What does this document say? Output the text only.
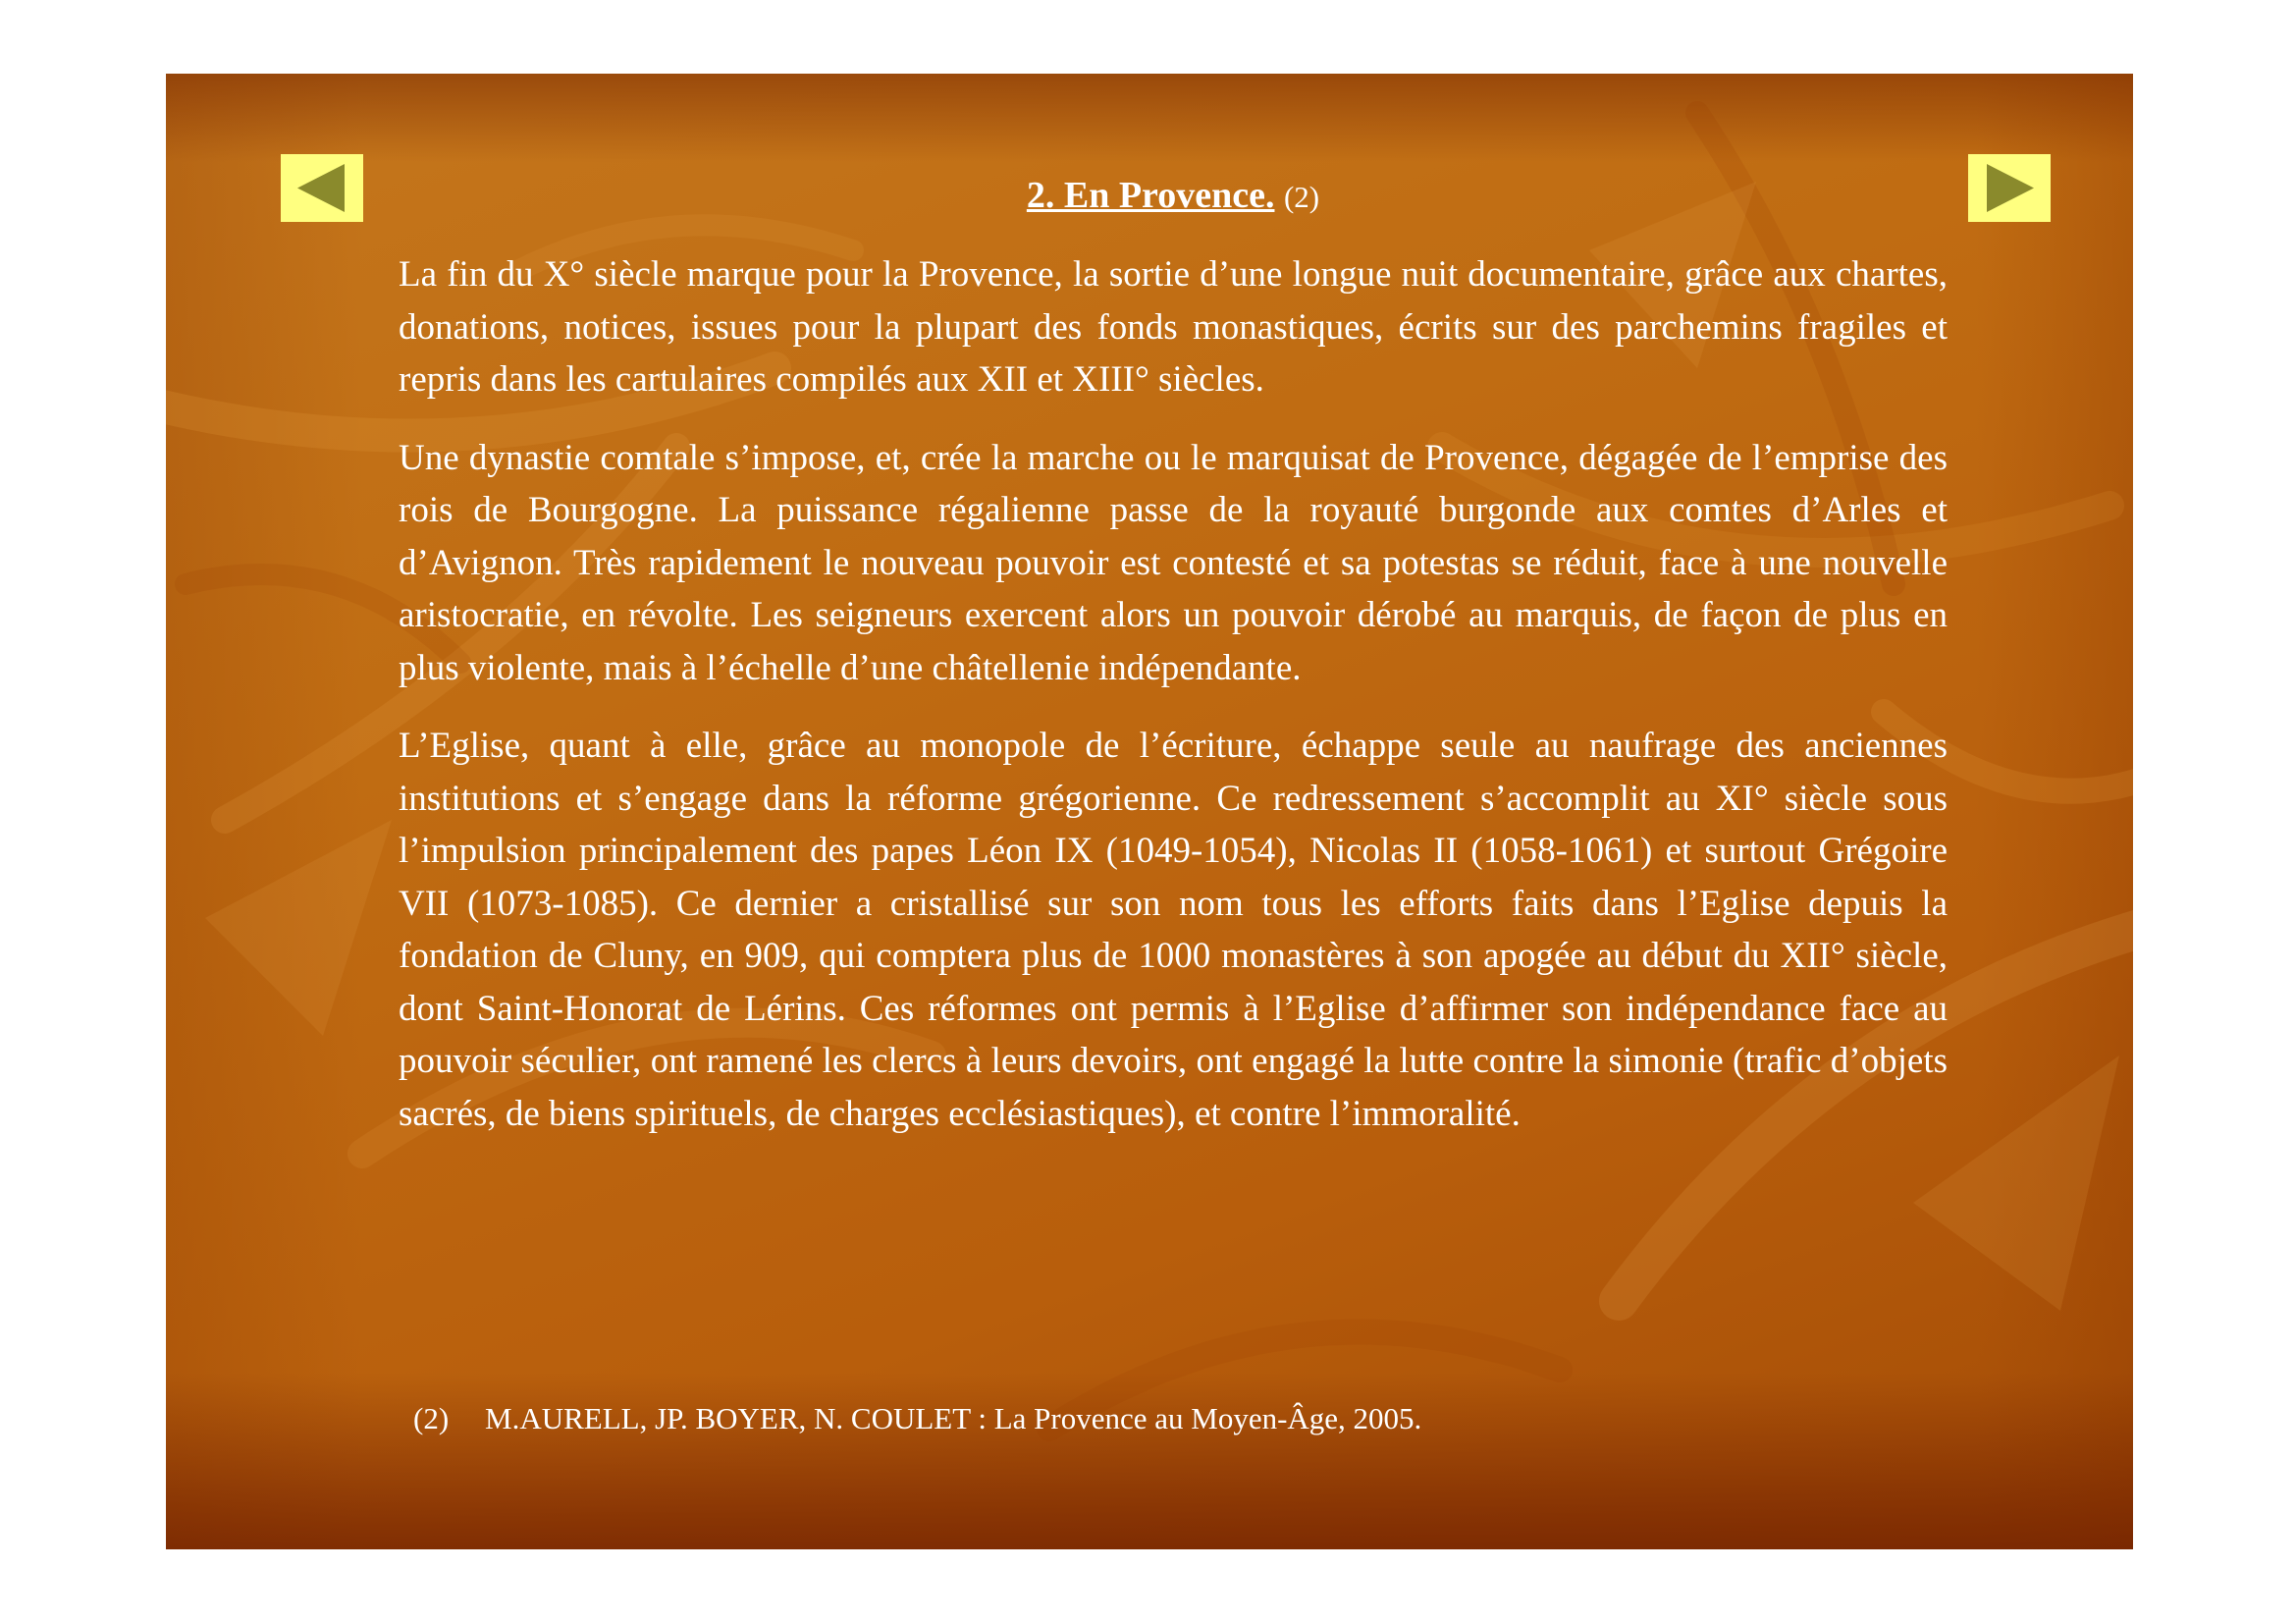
2. En Provence. (2)

La fin du X° siècle marque pour la Provence, la sortie d’une longue nuit documentaire, grâce aux chartes, donations, notices, issues pour la plupart des fonds monastiques, écrits sur des parchemins fragiles et repris dans les cartulaires compilés aux XII et XIII° siècles.

Une dynastie comtale s’impose, et, crée la marche ou le marquisat de Provence, dégagée de l’emprise des rois de Bourgogne. La puissance régalienne passe de la royauté burgonde aux comtes d’Arles et d’Avignon. Très rapidement le nouveau pouvoir est contesté et sa potestas se réduit, face à une nouvelle aristocratie, en révolte. Les seigneurs exercent alors un pouvoir dérobé au marquis, de façon de plus en plus violente, mais à l’échelle d’une châtellenie indépendante.

L’Eglise, quant à elle, grâce au monopole de l’écriture, échappe seule au naufrage des anciennes institutions et s’engage dans la réforme grégorienne. Ce redressement s’accomplit au XI° siècle sous l’impulsion principalement des papes Léon IX (1049-1054), Nicolas II (1058-1061) et surtout Grégoire VII (1073-1085). Ce dernier a cristallisé sur son nom tous les efforts faits dans l’Eglise depuis la fondation de Cluny, en 909, qui comptera plus de 1000 monastères à son apogée au début du XII° siècle, dont Saint-Honorat de Lérins. Ces réformes ont permis à l’Eglise d’affirmer son indépendance face au pouvoir séculier, ont ramené les clercs à leurs devoirs, ont engagé la lutte contre la simonie (trafic d’objets sacrés, de biens spirituels, de charges ecclésiastiques), et contre l’immoralité.

(2) M.AURELL, JP. BOYER, N. COULET : La Provence au Moyen-Âge, 2005.
